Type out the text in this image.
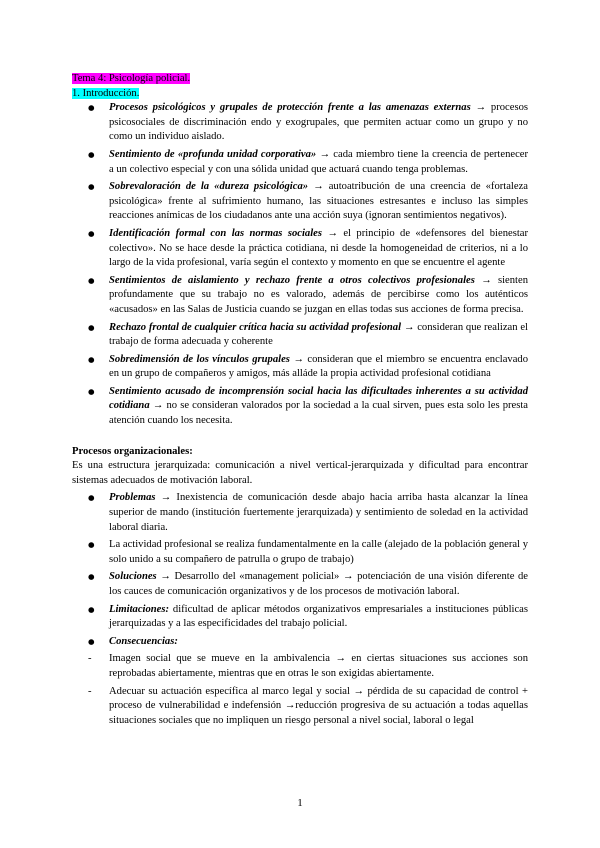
Tema 4: Psicología policial.

1. Introducción.

● Procesos psicológicos y grupales de protección frente a las amenazas externas → procesos psicosociales de discriminación endo y exogrupales, que permiten actuar como un grupo y no como un individuo aislado.
● Sentimiento de «profunda unidad corporativa» → cada miembro tiene la creencia de pertenecer a un colectivo especial y con una sólida unidad que actuará cuando tenga problemas.
● Sobrevaloración de la «dureza psicológica» → autoatribución de una creencia de «fortaleza psicológica» frente al sufrimiento humano, las situaciones estresantes e incluso las simples reacciones anímicas de los ciudadanos ante una acción suya (ignoran sentimientos negativos).
● Identificación formal con las normas sociales → el principio de «defensores del bienestar colectivo». No se hace desde la práctica cotidiana, ni desde la homogeneidad de criterios, ni a lo largo de la vida profesional, varía según el contexto y momento en que se encuentre el agente
● Sentimientos de aislamiento y rechazo frente a otros colectivos profesionales → sienten profundamente que su trabajo no es valorado, además de percibirse como los auténticos «acusados» en las Salas de Justicia cuando se juzgan en ellas todas sus acciones de forma precisa.
● Rechazo frontal de cualquier crítica hacia su actividad profesional → consideran que realizan el trabajo de forma adecuada y coherente
● Sobredimensión de los vínculos grupales → consideran que el miembro se encuentra enclavado en un grupo de compañeros y amigos, más alláde la propia actividad profesional cotidiana
● Sentimiento acusado de incomprensión social hacia las dificultades inherentes a su actividad cotidiana → no se consideran valorados por la sociedad a la cual sirven, pues esta solo les presta atención cuando los necesita.

Procesos organizacionales:

Es una estructura jerarquizada: comunicación a nivel vertical-jerarquizada y dificultad para encontrar sistemas adecuados de motivación laboral.

● Problemas → Inexistencia de comunicación desde abajo hacia arriba hasta alcanzar la línea superior de mando (institución fuertemente jerarquizada) y sentimiento de soledad en la actividad laboral diaria.
● La actividad profesional se realiza fundamentalmente en la calle (alejado de la población general y solo unido a su compañero de patrulla o grupo de trabajo)
● Soluciones → Desarrollo del «management policial» → potenciación de una visión diferente de los cauces de comunicación organizativos y de los procesos de motivación laboral.
● Limitaciones: dificultad de aplicar métodos organizativos empresariales a instituciones públicas jerarquizadas y a las especificidades del trabajo policial.
● Consecuencias:
- Imagen social que se mueve en la ambivalencia → en ciertas situaciones sus acciones son reprobadas abiertamente, mientras que en otras le son exigidas abiertamente.
- Adecuar su actuación específica al marco legal y social → pérdida de su capacidad de control + proceso de vulnerabilidad e indefensión →reducción progresiva de su actuación a todas aquellas situaciones sociales que no impliquen un riesgo personal a nivel social, laboral o legal
1
